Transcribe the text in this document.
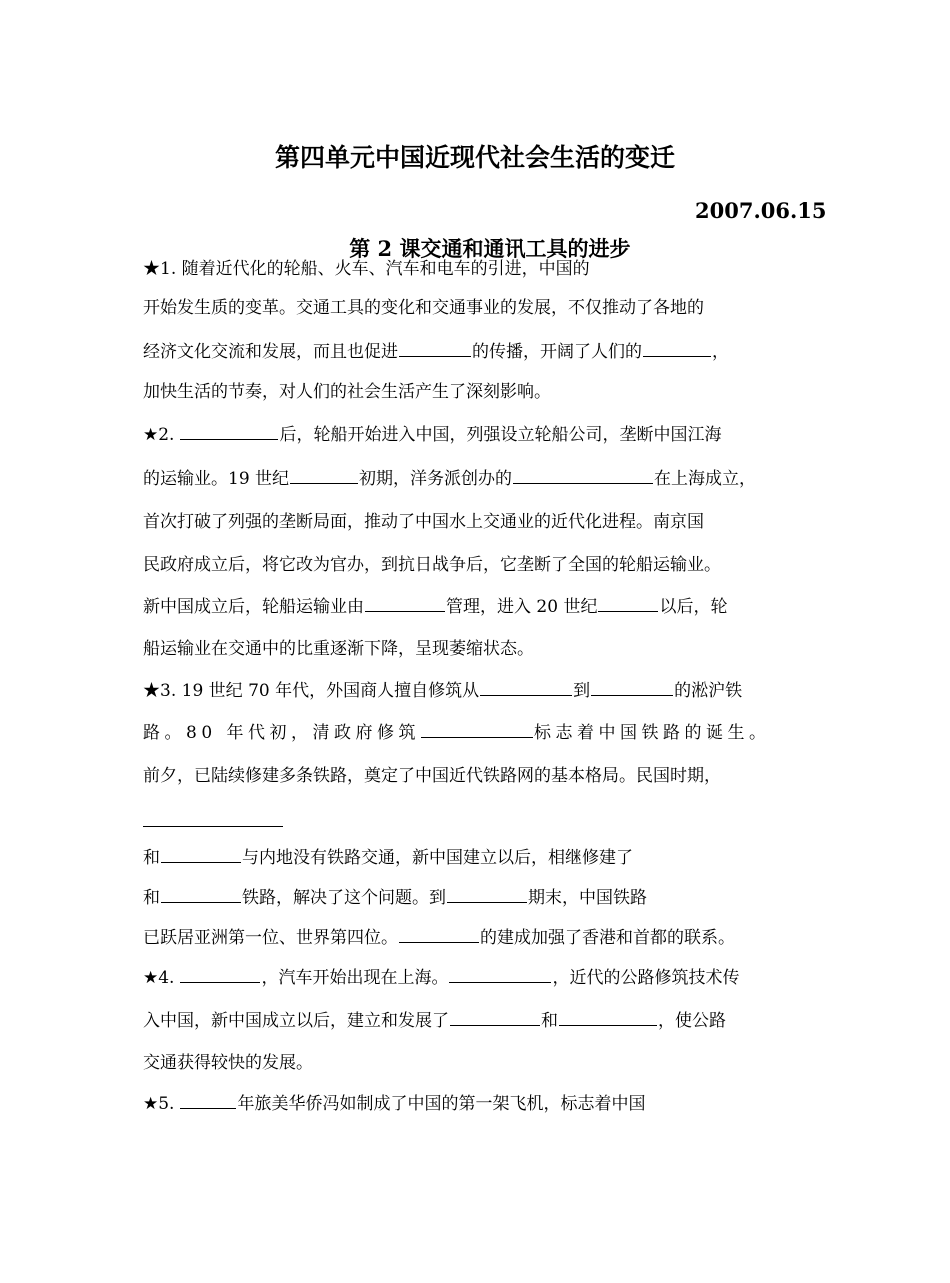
第四单元中国近现代社会生活的变迁

第 2 课交通和通讯工具的进步

2007.06.15

★1. 随着近代化的轮船、火车、汽车和电车的引进，中国的
开始发生质的变革。交通工具的变化和交通事业的发展，不仅推动了各地的
经济文化交流和发展，而且也促进	的传播，开阔了人们的	，
加快生活的节奏，对人们的社会生活产生了深刻影响。
★2.	后，轮船开始进入中国，列强设立轮船公司，垄断中国江海
的运输业。19 世纪	初期，洋务派创办的	在上海成立，
首次打破了列强的垄断局面，推动了中国水上交通业的近代化进程。南京国
民政府成立后，将它改为官办，到抗日战争后，它垄断了全国的轮船运输业。
新中国成立后，轮船运输业由	管理，进入 20 世纪	以后，轮
船运输业在交通中的比重逐渐下降，呈现萎缩状态。
★3. 19 世纪 70 年代，外国商人擅自修筑从	到	的淞沪铁
路。80 年代初，清政府修筑	标志着中国铁路的诞生。
前夕，已陆续修建多条铁路，奠定了中国近代铁路网的基本格局。民国时期，
和	与内地没有铁路交通，新中国建立以后，相继修建了
和	铁路，解决了这个问题。到	期末，中国铁路
已跃居亚洲第一位、世界第四位。	的建成加强了香港和首都的联系。
★4.	，汽车开始出现在上海。	，近代的公路修筑技术传
入中国，新中国成立以后，建立和发展了	和	，使公路
交通获得较快的发展。
★5.	年旅美华侨冯如制成了中国的第一架飞机，标志着中国
